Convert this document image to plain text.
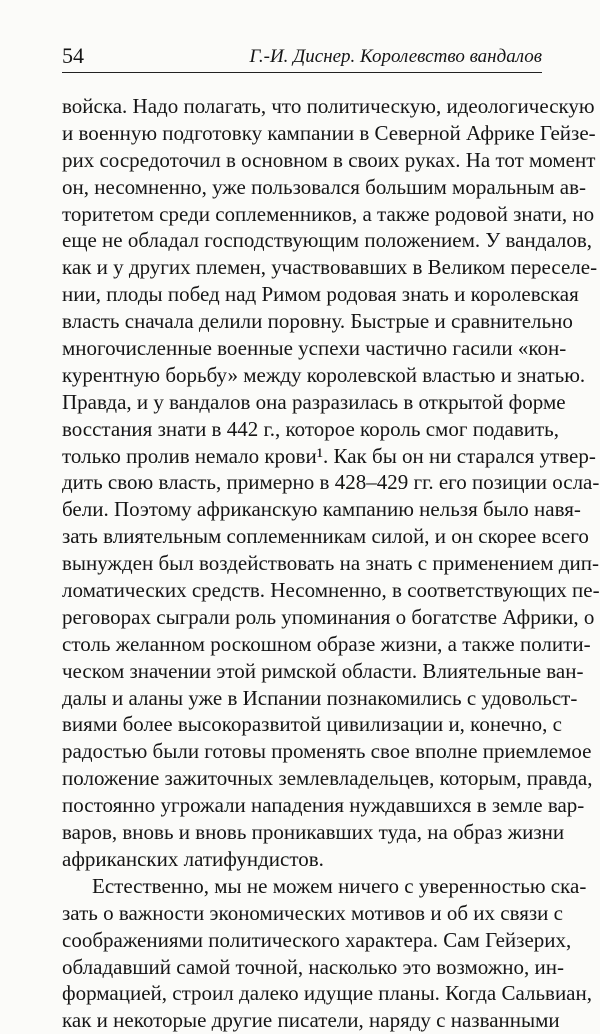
54	Г.-И. Диснер. Королевство вандалов
войска. Надо полагать, что политическую, идеологическую
и военную подготовку кампании в Северной Африке Гейзе-
рих сосредоточил в основном в своих руках. На тот момент
он, несомненно, уже пользовался большим моральным ав-
торитетом среди соплеменников, а также родовой знати, но
еще не обладал господствующим положением. У вандалов,
как и у других племен, участвовавших в Великом переселе-
нии, плоды побед над Римом родовая знать и королевская
власть сначала делили поровну. Быстрые и сравнительно
многочисленные военные успехи частично гасили «кон-
курентную борьбу» между королевской властью и знатью.
Правда, и у вандалов она разразилась в открытой форме
восстания знати в 442 г., которое король смог подавить,
только пролив немало крови¹. Как бы он ни старался утвер-
дить свою власть, примерно в 428–429 гг. его позиции осла-
бели. Поэтому африканскую кампанию нельзя было навя-
зать влиятельным соплеменникам силой, и он скорее всего
вынужден был воздействовать на знать с применением дип-
ломатических средств. Несомненно, в соответствующих пе-
реговорах сыграли роль упоминания о богатстве Африки, о
столь желанном роскошном образе жизни, а также полити-
ческом значении этой римской области. Влиятельные ван-
далы и аланы уже в Испании познакомились с удовольст-
виями более высокоразвитой цивилизации и, конечно, с
радостью были готовы променять свое вполне приемлемое
положение зажиточных землевладельцев, которым, правда,
постоянно угрожали нападения нуждавшихся в земле вар-
варов, вновь и вновь проникавших туда, на образ жизни
африканских латифундистов.
Естественно, мы не можем ничего с уверенностью ска-
зать о важности экономических мотивов и об их связи с
соображениями политического характера. Сам Гейзерих,
обладавший самой точной, насколько это возможно, ин-
формацией, строил далеко идущие планы. Когда Сальвиан,
как и некоторые другие писатели, наряду с названными
